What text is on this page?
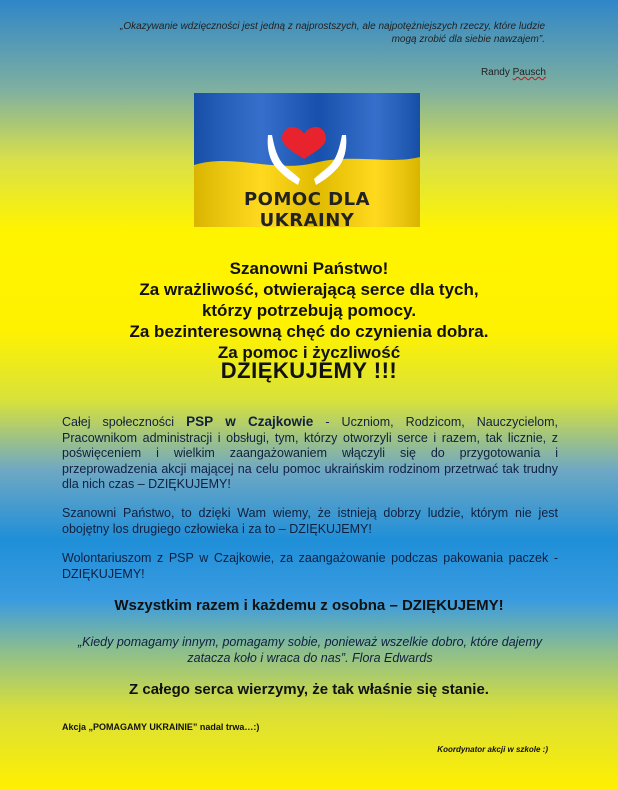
„Okazywanie wdzięczności jest jedną z najprostszych, ale najpotężniejszych rzeczy, które ludzie mogą zrobić dla siebie nawzajem”.
Randy Pausch
POMOC DLA UKRAINY
Szanowni Państwo!
Za wrażliwość, otwierającą serce dla tych,
którzy potrzebują pomocy.
Za bezinteresowną chęć do czynienia dobra.
Za pomoc i życzliwość
DZIĘKUJEMY !!!
Całej społeczności PSP w Czajkowie - Uczniom, Rodzicom, Nauczycielom, Pracownikom administracji i obsługi, tym, którzy otworzyli serce i razem, tak licznie, z poświęceniem i wielkim zaangażowaniem włączyli się do przygotowania i przeprowadzenia akcji mającej na celu pomoc ukraińskim rodzinom przetrwać tak trudny dla nich czas – DZIĘKUJEMY!
Szanowni Państwo, to dzięki Wam wiemy, że istnieją dobrzy ludzie, którym nie jest obojętny los drugiego człowieka i za to – DZIĘKUJEMY!
Wolontariuszom z PSP w Czajkowie, za zaangażowanie podczas pakowania paczek - DZIĘKUJEMY!
Wszystkim razem i każdemu z osobna – DZIĘKUJEMY!
„Kiedy pomagamy innym, pomagamy sobie, ponieważ wszelkie dobro, które dajemy zatacza koło i wraca do nas”. Flora Edwards
Z całego serca wierzymy, że tak właśnie się stanie.
Akcja „POMAGAMY UKRAINIE” nadal trwa…:)
Koordynator akcji w szkole :)
